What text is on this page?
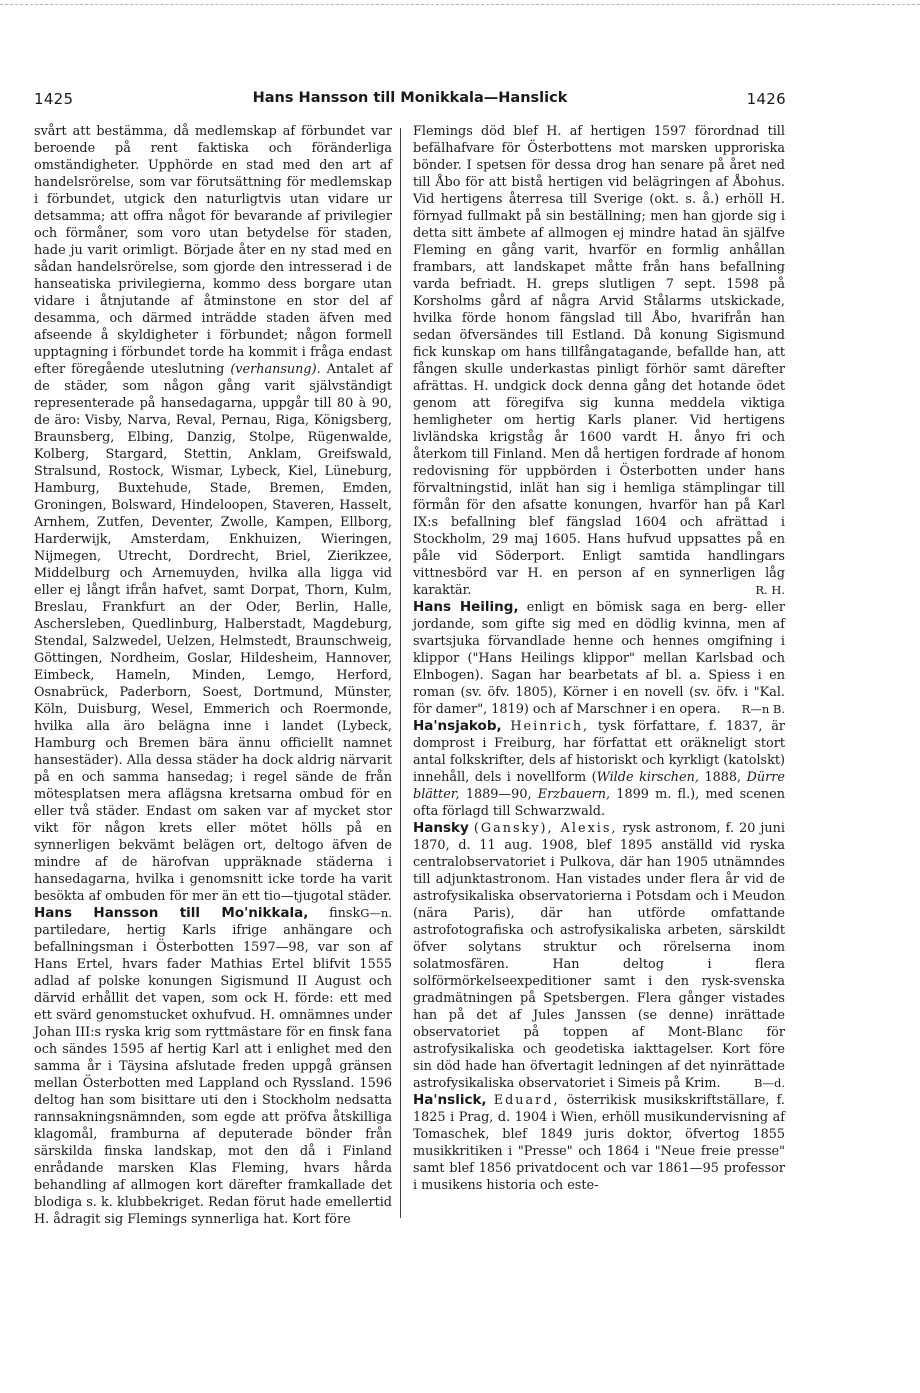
1425	Hans Hansson till Monikkala—Hanslick	1426

svårt att bestämma, då medlemskap af förbundet var beroende på rent faktiska och föränderliga omständigheter. Upphörde en stad med den art af handelsrörelse, som var förutsättning för medlemskap i förbundet, utgick den naturligtvis utan vidare ur detsamma; att offra något för bevarande af privilegier och förmåner, som voro utan betydelse för staden, hade ju varit orimligt. Började åter en ny stad med en sådan handelsrörelse, som gjorde den intresserad i de hanseatiska privilegierna, kommo dess borgare utan vidare i åtnjutande af åtminstone en stor del af desamma, och därmed inträdde staden äfven med afseende å skyldigheter i förbundet; någon formell upptagning i förbundet torde ha kommit i fråga endast efter föregående uteslutning (verhansung). Antalet af de städer, som någon gång varit självständigt representerade på hansedagarna, uppgår till 80 à 90, de äro: Visby, Narva, Reval, Pernau, Riga, Königsberg, Braunsberg, Elbing, Danzig, Stolpe, Rügenwalde, Kolberg, Stargard, Stettin, Anklam, Greifswald, Stralsund, Rostock, Wismar, Lybeck, Kiel, Lüneburg, Hamburg, Buxtehude, Stade, Bremen, Emden, Groningen, Bolsward, Hindeloopen, Staveren, Hasselt, Arnhem, Zutfen, Deventer, Zwolle, Kampen, Ellborg, Harderwijk, Amsterdam, Enkhuizen, Wieringen, Nijmegen, Utrecht, Dordrecht, Briel, Zierikzee, Middelburg och Arnemuyden, hvilka alla ligga vid eller ej långt ifrån hafvet, samt Dorpat, Thorn, Kulm, Breslau, Frankfurt an der Oder, Berlin, Halle, Aschersleben, Quedlinburg, Halberstadt, Magdeburg, Stendal, Salzwedel, Uelzen, Helmstedt, Braunschweig, Göttingen, Nordheim, Goslar, Hildesheim, Hannover, Eimbeck, Hameln, Minden, Lemgo, Herford, Osnabrück, Paderborn, Soest, Dortmund, Münster, Köln, Duisburg, Wesel, Emmerich och Roermonde, hvilka alla äro belägna inne i landet (Lybeck, Hamburg och Bremen bära ännu officiellt namnet hansestäder). Alla dessa städer ha dock aldrig närvarit på en och samma hansedag; i regel sände de från mötesplatsen mera aflägsna kretsarna ombud för en eller två städer. Endast om saken var af mycket stor vikt för någon krets eller mötet hölls på en synnerligen bekvämt belägen ort, deltogo äfven de mindre af de härofvan uppräknade städerna i hansedagarna, hvilka i genomsnitt icke torde ha varit besökta af ombuden för mer än ett tio—tjugotal städer.
G—n.

Hans Hansson till Mo'nikkala, finsk partiledare, hertig Karls ifrige anhängare och befallningsman i Österbotten 1597—98, var son af Hans Ertel, hvars fader Mathias Ertel blifvit 1555 adlad af polske konungen Sigismund II August och därvid erhållit det vapen, som ock H. förde: ett med ett svärd genomstucket oxhufvud. H. omnämnes under Johan III:s ryska krig som ryttmästare för en finsk fana och sändes 1595 af hertig Karl att i enlighet med den samma år i Täysina afslutade freden uppgå gränsen mellan Österbotten med Lappland och Ryssland. 1596 deltog han som bisittare uti den i Stockholm nedsatta rannsakningsnämnden, som egde att pröfva åtskilliga klagomål, framburna af deputerade bönder från särskilda finska landskap, mot den då i Finland enrådande marsken Klas Fleming, hvars hårda behandling af allmogen kort därefter framkallade det blodiga s. k. klubbekriget. Redan förut hade emellertid H. ådragit sig Flemings synnerliga hat. Kort före

Flemings död blef H. af hertigen 1597 förordnad till befälhafvare för Österbottens mot marsken upproriska bönder. I spetsen för dessa drog han senare på året ned till Åbo för att bistå hertigen vid belägringen af Åbohus. Vid hertigens återresa till Sverige (okt. s. å.) erhöll H. förnyad fullmakt på sin beställning; men han gjorde sig i detta sitt ämbete af allmogen ej mindre hatad än själfve Fleming en gång varit, hvarför en formlig anhållan frambars, att landskapet måtte från hans befallning varda befriadt. H. greps slutligen 7 sept. 1598 på Korsholms gård af några Arvid Stålarms utskickade, hvilka förde honom fängslad till Åbo, hvarifrån han sedan öfversändes till Estland. Då konung Sigismund fick kunskap om hans tillfångatagande, befallde han, att fången skulle underkastas pinligt förhör samt därefter afrättas. H. undgick dock denna gång det hotande ödet genom att föregifva sig kunna meddela viktiga hemligheter om hertig Karls planer. Vid hertigens livländska krigståg år 1600 vardt H. ånyo fri och återkom till Finland. Men då hertigen fordrade af honom redovisning för uppbörden i Österbotten under hans förvaltningstid, inlät han sig i hemliga stämplingar till förmån för den afsatte konungen, hvarför han på Karl IX:s befallning blef fängslad 1604 och afrättad i Stockholm, 29 maj 1605. Hans hufvud uppsattes på en påle vid Söderport. Enligt samtida handlingars vittnesbörd var H. en person af en synnerligen låg karaktär.	R. H.

Hans Heiling, enligt en bömisk saga en berg- eller jordande, som gifte sig med en dödlig kvinna, men af svartsjuka förvandlade henne och hennes omgifning i klippor ("Hans Heilings klippor" mellan Karlsbad och Elnbogen). Sagan har bearbetats af bl. a. Spiess i en roman (sv. öfv. 1805), Körner i en novell (sv. öfv. i "Kal. för damer", 1819) och af Marschner i en opera. R—n B.

Ha'nsjakob, Heinrich, tysk författare, f. 1837, är domprost i Freiburg, har författat ett oräkneligt stort antal folkskrifter, dels af historiskt och kyrkligt (katolskt) innehåll, dels i novellform (Wilde kirschen, 1888, Dürre blätter, 1889—90, Erzbauern, 1899 m. fl.), med scenen ofta förlagd till Schwarzwald.

Hansky (Gansky), Alexis, rysk astronom, f. 20 juni 1870, d. 11 aug. 1908, blef 1895 anställd vid ryska centralobservatoriet i Pulkova, där han 1905 utnämndes till adjunktastronom. Han vistades under flera år vid de astrofysikaliska observatorierna i Potsdam och i Meudon (nära Paris), där han utförde omfattande astrofotografiska och astrofysikaliska arbeten, särskildt öfver solytans struktur och rörelserna inom solatmosfären. Han deltog i flera solförmörkelseexpeditioner samt i den rysk-svenska gradmätningen på Spetsbergen. Flera gånger vistades han på det af Jules Janssen (se denne) inrättade observatoriet på toppen af Mont-Blanc för astrofysikaliska och geodetiska iakttagelser. Kort före sin död hade han öfvertagit ledningen af det nyinrättade astrofysikaliska observatoriet i Simeis på Krim.	B—d.

Ha'nslick, Eduard, österrikisk musikskriftställare, f. 1825 i Prag, d. 1904 i Wien, erhöll musikundervisning af Tomaschek, blef 1849 juris doktor, öfvertog 1855 musikkritiken i "Presse" och 1864 i "Neue freie presse" samt blef 1856 privatdocent och var 1861—95 professor i musikens historia och este-
